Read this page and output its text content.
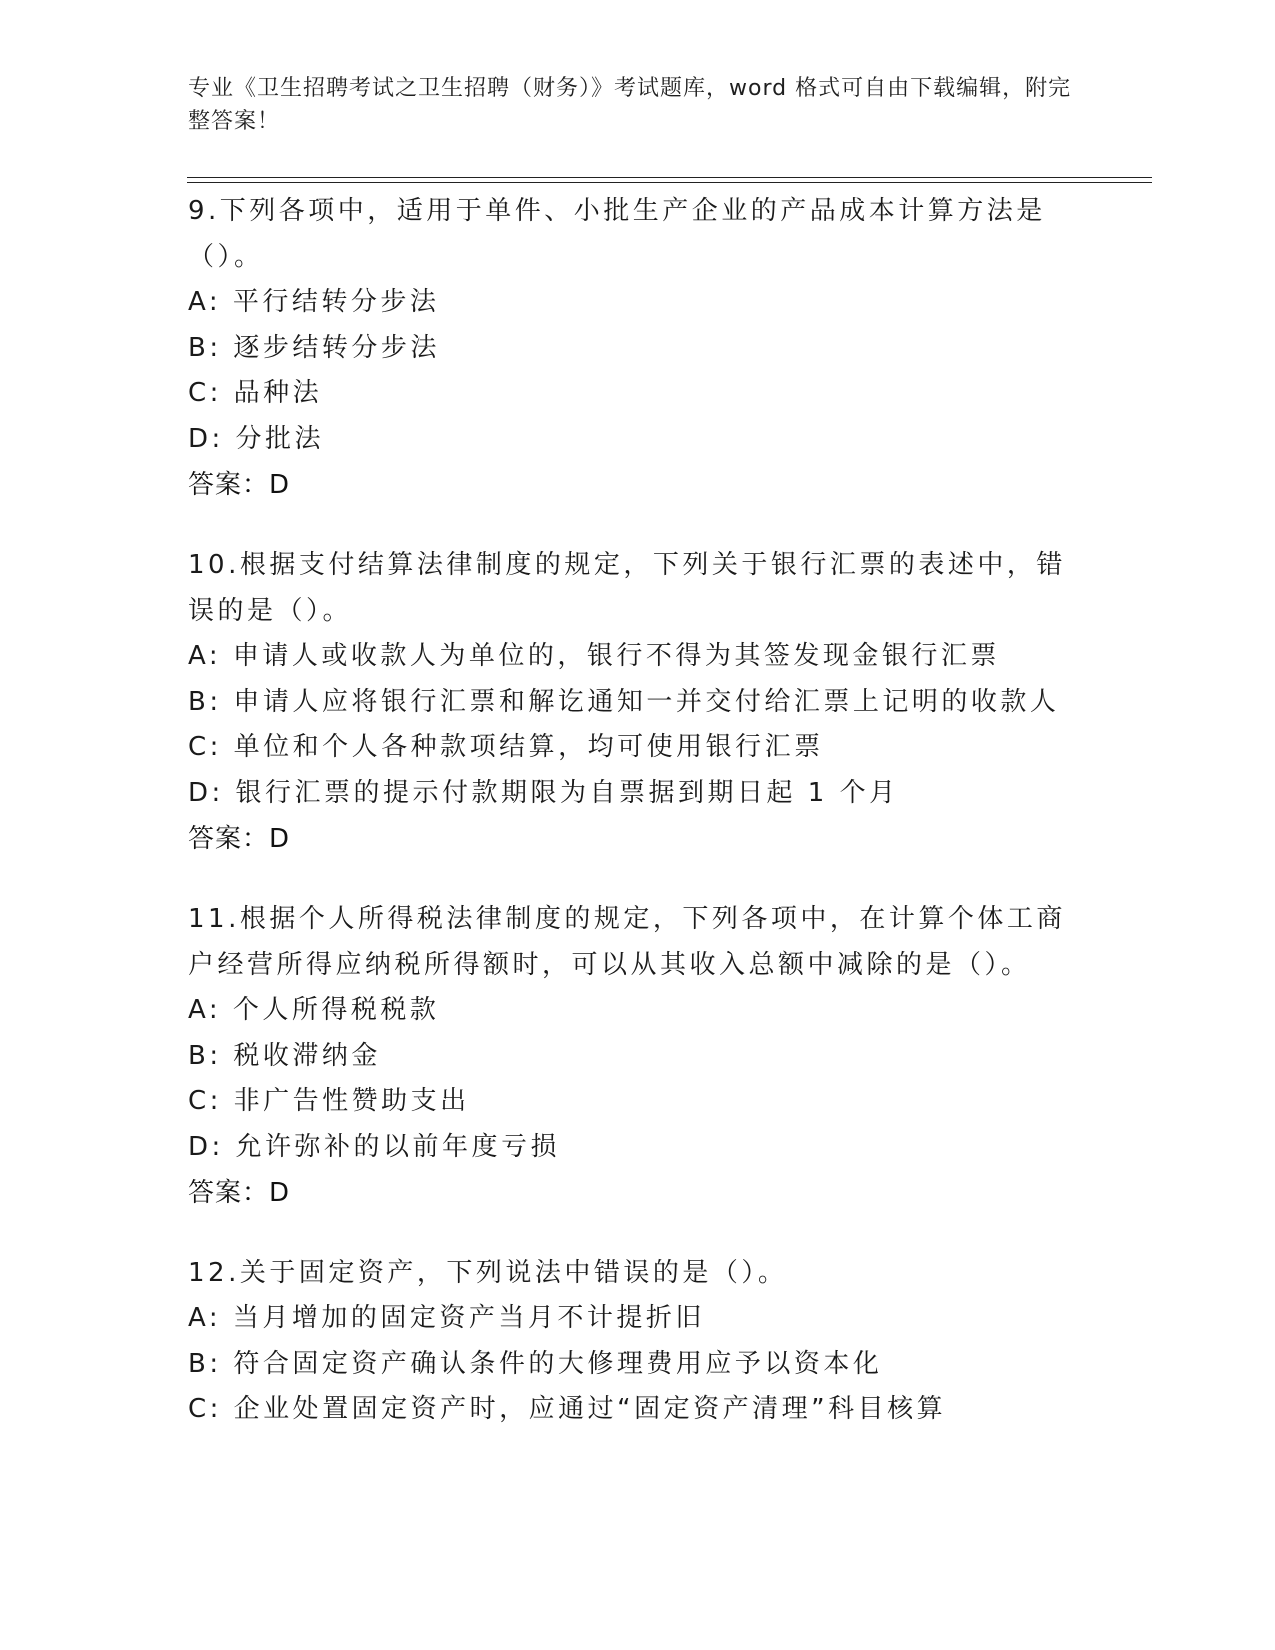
专业《卫生招聘考试之卫生招聘（财务）》考试题库，word 格式可自由下载编辑，附完整答案！

9.下列各项中，适用于单件、小批生产企业的产品成本计算方法是（）。

A: 平行结转分步法

B: 逐步结转分步法

C: 品种法

D: 分批法

答案：D

10.根据支付结算法律制度的规定，下列关于银行汇票的表述中，错误的是（）。

A: 申请人或收款人为单位的，银行不得为其签发现金银行汇票

B: 申请人应将银行汇票和解讫通知一并交付给汇票上记明的收款人

C: 单位和个人各种款项结算，均可使用银行汇票

D: 银行汇票的提示付款期限为自票据到期日起 1 个月

答案：D

11.根据个人所得税法律制度的规定，下列各项中，在计算个体工商户经营所得应纳税所得额时，可以从其收入总额中减除的是（）。

A: 个人所得税税款

B: 税收滞纳金

C: 非广告性赞助支出

D: 允许弥补的以前年度亏损

答案：D

12.关于固定资产，下列说法中错误的是（）。

A: 当月增加的固定资产当月不计提折旧

B: 符合固定资产确认条件的大修理费用应予以资本化

C: 企业处置固定资产时，应通过“固定资产清理”科目核算
